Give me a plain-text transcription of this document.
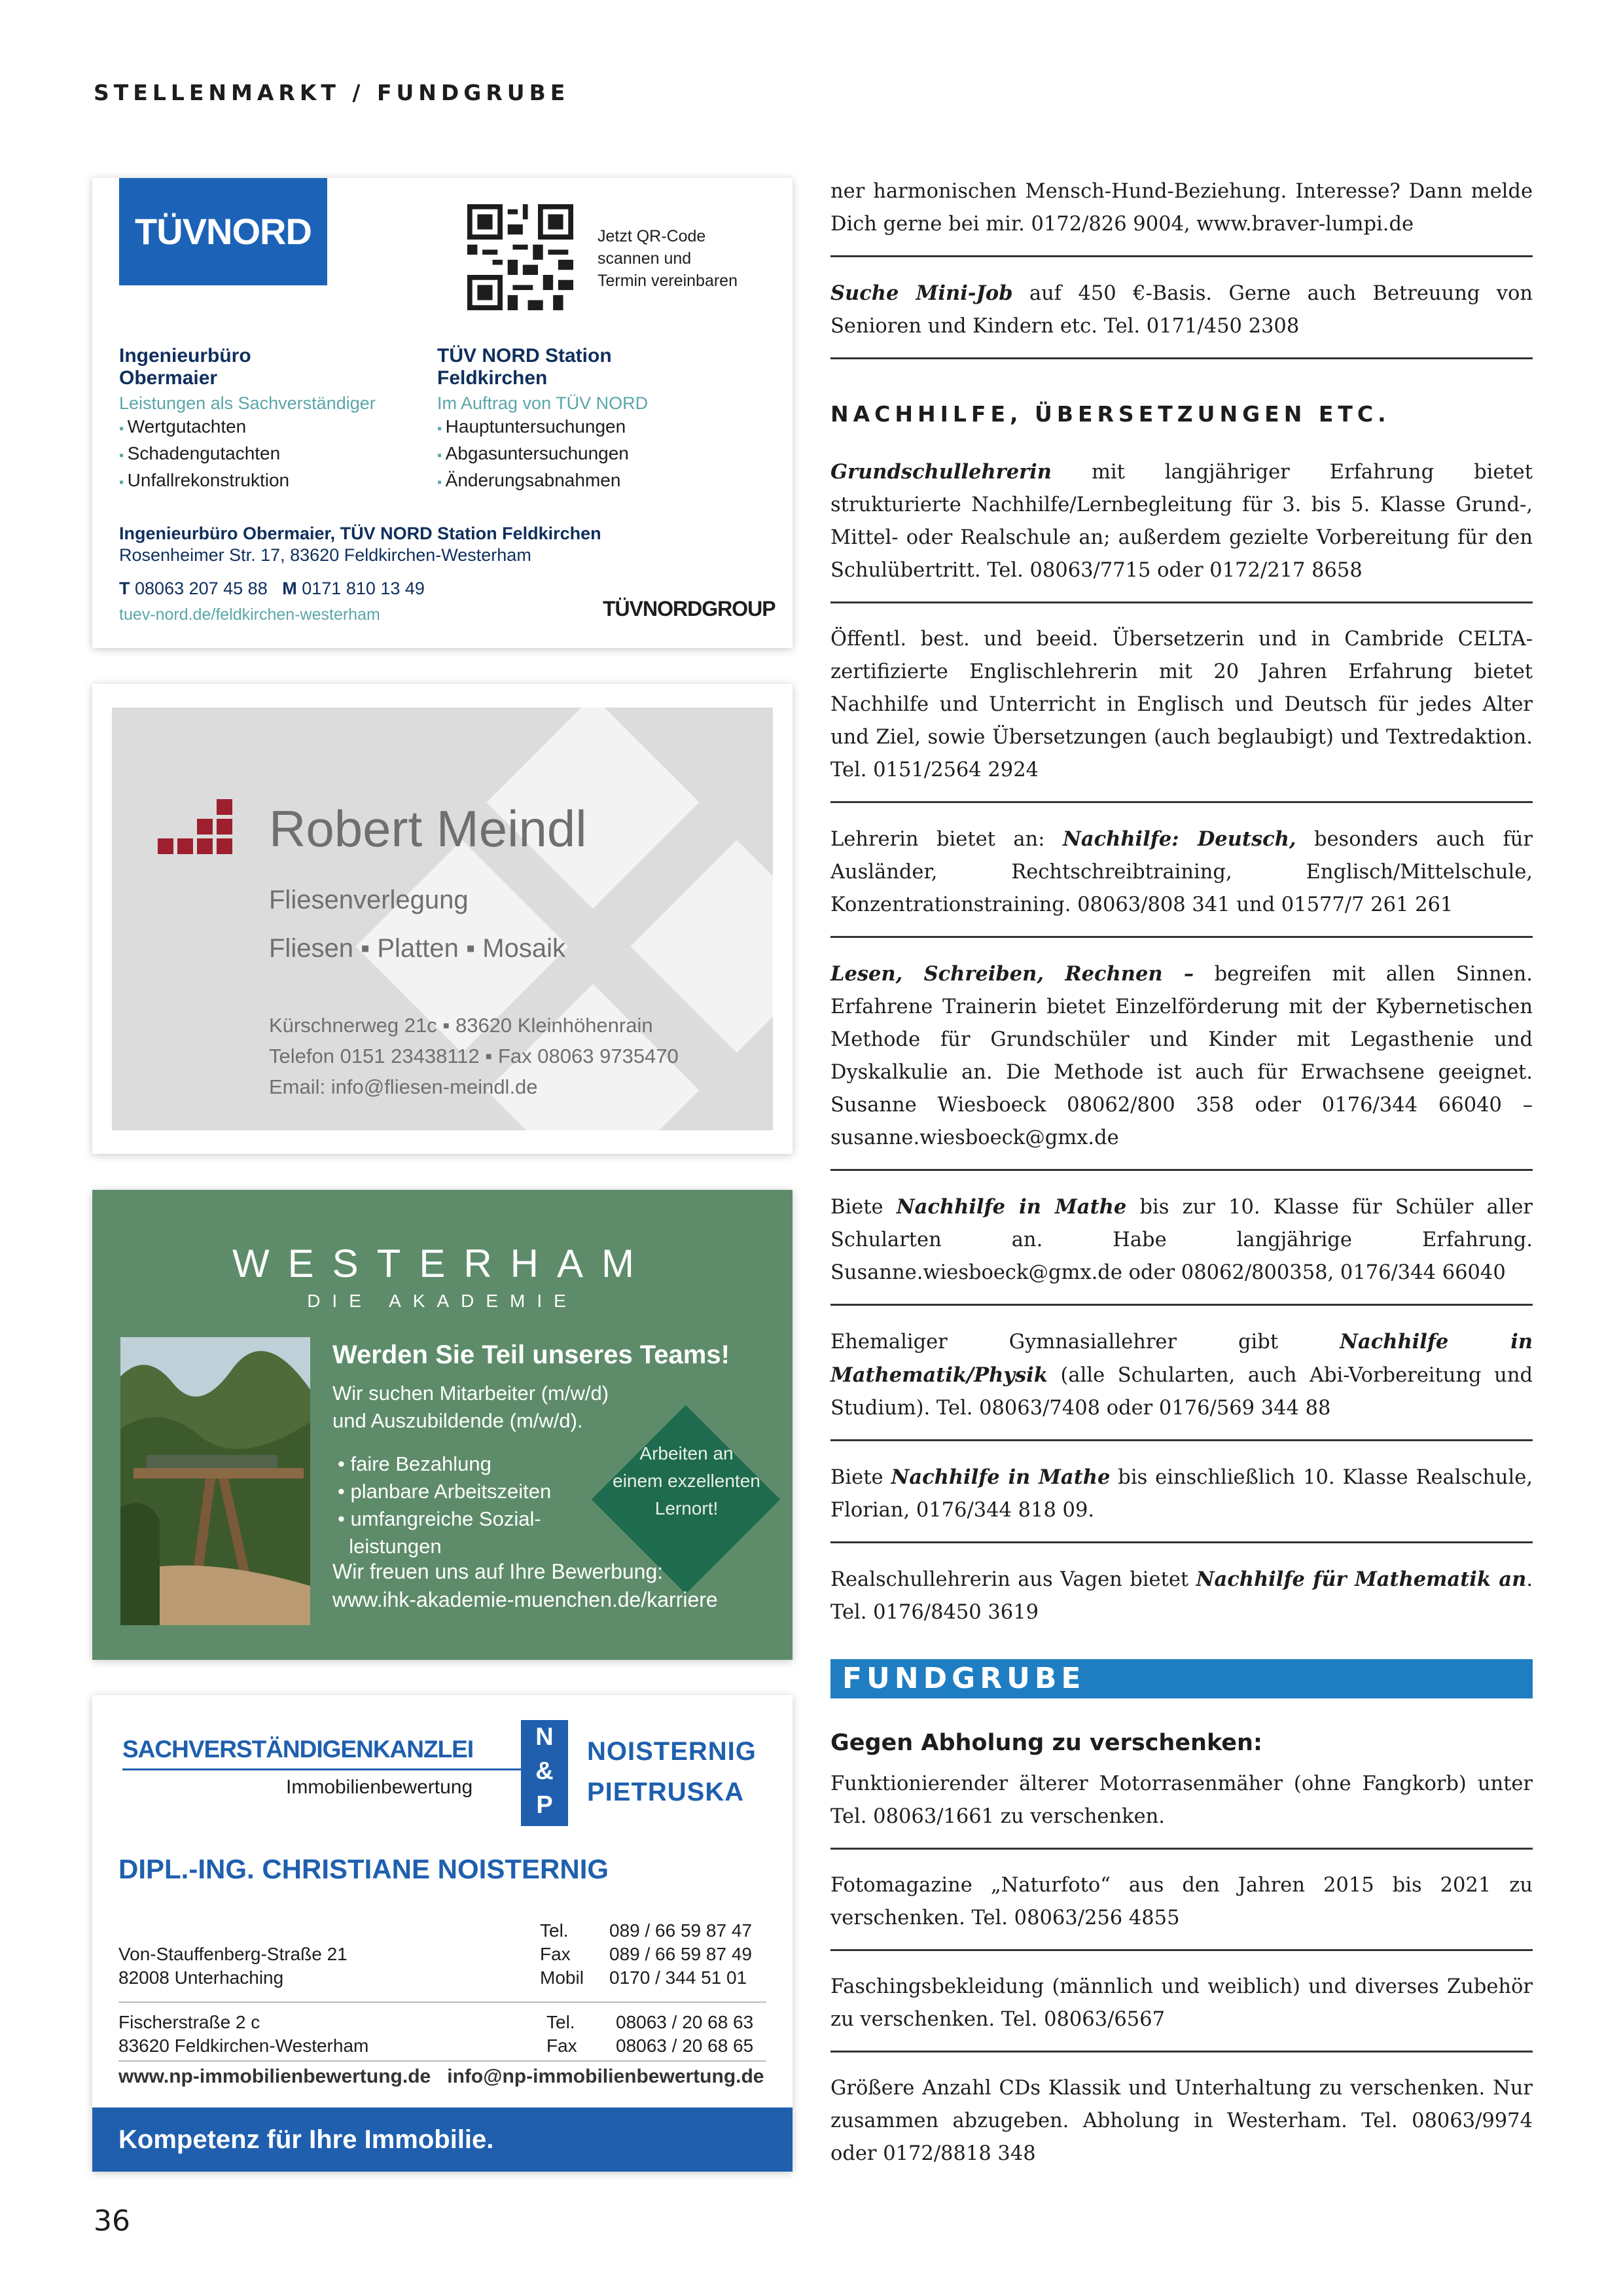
STELLENMARKT / FUNDGRUBE
TÜVNORD	Jetzt QR-Code
scannen und
Termin vereinbaren
Ingenieurbüro
Obermaier
Leistungen als Sachverständiger
▪ Wertgutachten
▪ Schadengutachten
▪ Unfallrekonstruktion
TÜV NORD Station
Feldkirchen
Im Auftrag von TÜV NORD
▪ Hauptuntersuchungen
▪ Abgasuntersuchungen
▪ Änderungsabnahmen
Ingenieurbüro Obermaier, TÜV NORD Station Feldkirchen
Rosenheimer Str. 17, 83620 Feldkirchen-Westerham
T 08063 207 45 88 M 0171 810 13 49
tuev-nord.de/feldkirchen-westerham	TÜVNORDGROUP
Robert Meindl
Fliesenverlegung
Fliesen ▪ Platten ▪ Mosaik
Kürschnerweg 21c ▪ 83620 Kleinhöhenrain
Telefon 0151 23438112 ▪ Fax 08063 9735470
Email: info@fliesen-meindl.de
WESTERHAM
DIE AKADEMIE
Werden Sie Teil unseres Teams!
Wir suchen Mitarbeiter (m/w/d)
und Auszubildende (m/w/d).
• faire Bezahlung
• planbare Arbeitszeiten
• umfangreiche Sozial-
leistungen
Arbeiten an
einem exzellenten
Lernort!
Wir freuen uns auf Ihre Bewerbung:
www.ihk-akademie-muenchen.de/karriere
SACHVERSTÄNDIGENKANZLEI
Immobilienbewertung
N
&
P
NOISTERNIG
PIETRUSKA
DIPL.-ING. CHRISTIANE NOISTERNIG
Von-Stauffenberg-Straße 21
82008 Unterhaching
Tel.
Fax
Mobil
089 / 66 59 87 47
089 / 66 59 87 49
0170 / 344 51 01
Fischerstraße 2 c
83620 Feldkirchen-Westerham
Tel.
Fax
08063 / 20 68 63
08063 / 20 68 65
www.np-immobilienbewertung.de info@np-immobilienbewertung.de
Kompetenz für Ihre Immobilie.
ner harmonischen Mensch-Hund-Beziehung. Interesse? Dann melde Dich gerne bei mir. 0172/826 9004, www.braver-lumpi.de
Suche Mini-Job auf 450 €-Basis. Gerne auch Betreuung von Senioren und Kindern etc. Tel. 0171/450 2308
NACHHILFE, ÜBERSETZUNGEN ETC.
Grundschullehrerin mit langjähriger Erfahrung bietet strukturierte Nachhilfe/Lernbegleitung für 3. bis 5. Klasse Grund-, Mittel- oder Realschule an; außerdem gezielte Vorbereitung für den Schulübertritt. Tel. 08063/7715 oder 0172/217 8658
Öffentl. best. und beeid. Übersetzerin und in Cambride CELTA-zertifizierte Englischlehrerin mit 20 Jahren Erfahrung bietet Nachhilfe und Unterricht in Englisch und Deutsch für jedes Alter und Ziel, sowie Übersetzungen (auch beglaubigt) und Textredaktion. Tel. 0151/2564 2924
Lehrerin bietet an: Nachhilfe: Deutsch, besonders auch für Ausländer, Rechtschreibtraining, Englisch/Mittelschule, Konzentrationstraining. 08063/808 341 und 01577/7 261 261
Lesen, Schreiben, Rechnen – begreifen mit allen Sinnen. Erfahrene Trainerin bietet Einzelförderung mit der Kybernetischen Methode für Grundschüler und Kinder mit Legasthenie und Dyskalkulie an. Die Methode ist auch für Erwachsene geeignet. Susanne Wiesboeck 08062/800 358 oder 0176/344 66040 – susanne.wiesboeck@gmx.de
Biete Nachhilfe in Mathe bis zur 10. Klasse für Schüler aller Schularten an. Habe langjährige Erfahrung. Susanne.wiesboeck@gmx.de oder 08062/800358, 0176/344 66040
Ehemaliger Gymnasiallehrer gibt Nachhilfe in Mathematik/Physik (alle Schularten, auch Abi-Vorbereitung und Studium). Tel. 08063/7408 oder 0176/569 344 88
Biete Nachhilfe in Mathe bis einschließlich 10. Klasse Realschule, Florian, 0176/344 818 09.
Realschullehrerin aus Vagen bietet Nachhilfe für Mathematik an. Tel. 0176/8450 3619
FUNDGRUBE
Gegen Abholung zu verschenken:
Funktionierender älterer Motorrasenmäher (ohne Fangkorb) unter Tel. 08063/1661 zu verschenken.
Fotomagazine „Naturfoto“ aus den Jahren 2015 bis 2021 zu verschenken. Tel. 08063/256 4855
Faschingsbekleidung (männlich und weiblich) und diverses Zubehör zu verschenken. Tel. 08063/6567
Größere Anzahl CDs Klassik und Unterhaltung zu verschenken. Nur zusammen abzugeben. Abholung in Westerham. Tel. 08063/9974 oder 0172/8818 348
36
